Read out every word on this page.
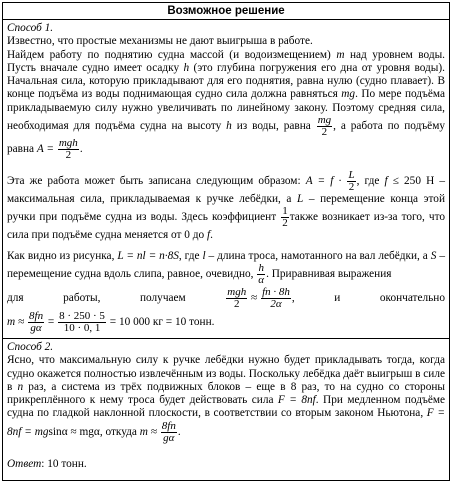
Возможное решение
Способ 1.
Известно, что простые механизмы не дают выигрыша в работе.
Найдем работу по поднятию судна массой (и водоизмещением) m над уровнем воды. Пусть вначале судно имеет осадку h (это глубина погружения его дна от уровня воды). Начальная сила, которую прикладывают для его поднятия, равна нулю (судно плавает). В конце подъёма из воды поднимающая судно сила должна равняться mg. По мере подъёма прикладываемую силу нужно увеличивать по линейному закону. Поэтому средняя сила, необходимая для подъёма судна на высоту h из воды, равна $\frac{mg}{2}$ , а работа по подъёму равна $A = \frac{\text{mgh}}{2}$ .
Эта же работа может быть записана следующим образом: $A = f \cdot \frac{L}{2}$ , где f ≤ 250 Н – максимальная сила, прикладываемая к ручке лебёдки, а L – перемещение конца этой ручки при подъёме судна из воды. Здесь коэффициент $\frac{1}{2}$ также возникает из-за того, что сила при подъёме судна меняется от 0 до f.
Как видно из рисунка, L = nl = n·8S, где l – длина троса, намотанного на вал лебёдки, а S – перемещение судна вдоль слипа, равное, очевидно, $\frac{h}{\alpha}$ . Приравнивая выражения
для	работы,	получаем	$\frac{\text{mgh}}{2} \approx \frac{fn \cdot 8h}{2\alpha}$ ,	и	окончательно
$m \approx \frac{8fn}{g\alpha} = \frac{8 \cdot 250 \cdot 5}{10 \cdot 0, 1} = 10$ 000 кг = 10 тонн.
Способ 2.
Ясно, что максимальную силу к ручке лебёдки нужно будет прикладывать тогда, когда судно окажется полностью извлечённым из воды. Поскольку лебёдка даёт выигрыш в силе в n раз, а система из трёх подвижных блоков – еще в 8 раз, то на судно со стороны прикреплённого к нему троса будет действовать сила F = 8nf. При медленном подъёме судна по гладкой наклонной плоскости, в соответствии со вторым законом Ньютона, F = 8nf = mgsinα ≈ mgα, откуда $m \approx \frac{8fn}{g\alpha}$ .
Ответ: 10 тонн.
